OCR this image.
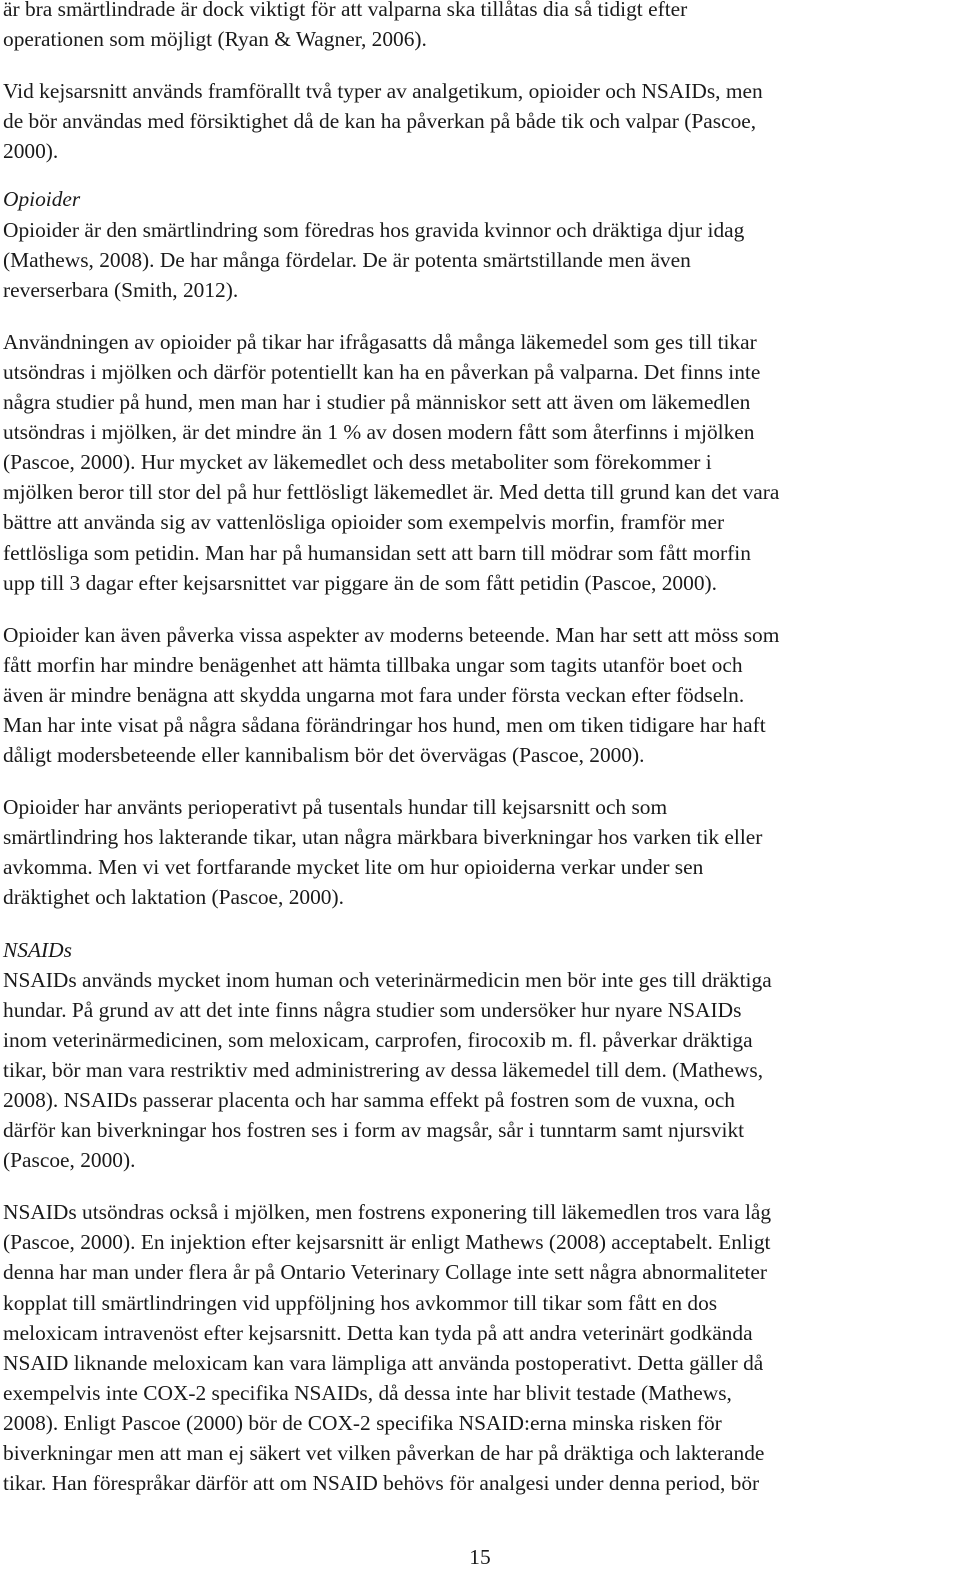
är bra smärtlindrade är dock viktigt för att valparna ska tillåtas dia så tidigt efter
operationen som möjligt (Ryan & Wagner, 2006).
Vid kejsarsnitt används framförallt två typer av analgetikum, opioider och NSAIDs, men
de bör användas med försiktighet då de kan ha påverkan på både tik och valpar (Pascoe,
2000).
Opioider
Opioider är den smärtlindring som föredras hos gravida kvinnor och dräktiga djur idag
(Mathews, 2008). De har många fördelar. De är potenta smärtstillande men även
reverserbara (Smith, 2012).
Användningen av opioider på tikar har ifrågasatts då många läkemedel som ges till tikar
utsöndras i mjölken och därför potentiellt kan ha en påverkan på valparna. Det finns inte
några studier på hund, men man har i studier på människor sett att även om läkemedlen
utsöndras i mjölken, är det mindre än 1 % av dosen modern fått som återfinns i mjölken
(Pascoe, 2000). Hur mycket av läkemedlet och dess metaboliter som förekommer i
mjölken beror till stor del på hur fettlösligt läkemedlet är. Med detta till grund kan det vara
bättre att använda sig av vattenlösliga opioider som exempelvis morfin, framför mer
fettlösliga som petidin. Man har på humansidan sett att barn till mödrar som fått morfin
upp till 3 dagar efter kejsarsnittet var piggare än de som fått petidin (Pascoe, 2000).
Opioider kan även påverka vissa aspekter av moderns beteende. Man har sett att möss som
fått morfin har mindre benägenhet att hämta tillbaka ungar som tagits utanför boet och
även är mindre benägna att skydda ungarna mot fara under första veckan efter födseln.
Man har inte visat på några sådana förändringar hos hund, men om tiken tidigare har haft
dåligt modersbeteende eller kannibalism bör det övervägas (Pascoe, 2000).
Opioider har använts perioperativt på tusentals hundar till kejsarsnitt och som
smärtlindring hos lakterande tikar, utan några märkbara biverkningar hos varken tik eller
avkomma. Men vi vet fortfarande mycket lite om hur opioiderna verkar under sen
dräktighet och laktation (Pascoe, 2000).
NSAIDs
NSAIDs används mycket inom human och veterinärmedicin men bör inte ges till dräktiga
hundar. På grund av att det inte finns några studier som undersöker hur nyare NSAIDs
inom veterinärmedicinen, som meloxicam, carprofen, firocoxib m. fl. påverkar dräktiga
tikar, bör man vara restriktiv med administrering av dessa läkemedel till dem. (Mathews,
2008). NSAIDs passerar placenta och har samma effekt på fostren som de vuxna, och
därför kan biverkningar hos fostren ses i form av magsår, sår i tunntarm samt njursvikt
(Pascoe, 2000).
NSAIDs utsöndras också i mjölken, men fostrens exponering till läkemedlen tros vara låg
(Pascoe, 2000). En injektion efter kejsarsnitt är enligt Mathews (2008) acceptabelt. Enligt
denna har man under flera år på Ontario Veterinary Collage inte sett några abnormaliteter
kopplat till smärtlindringen vid uppföljning hos avkommor till tikar som fått en dos
meloxicam intravenöst efter kejsarsnitt. Detta kan tyda på att andra veterinärt godkända
NSAID liknande meloxicam kan vara lämpliga att använda postoperativt. Detta gäller då
exempelvis inte COX-2 specifika NSAIDs, då dessa inte har blivit testade (Mathews,
2008). Enligt Pascoe (2000) bör de COX-2 specifika NSAID:erna minska risken för
biverkningar men att man ej säkert vet vilken påverkan de har på dräktiga och lakterande
tikar. Han förespråkar därför att om NSAID behövs för analgesi under denna period, bör
15
